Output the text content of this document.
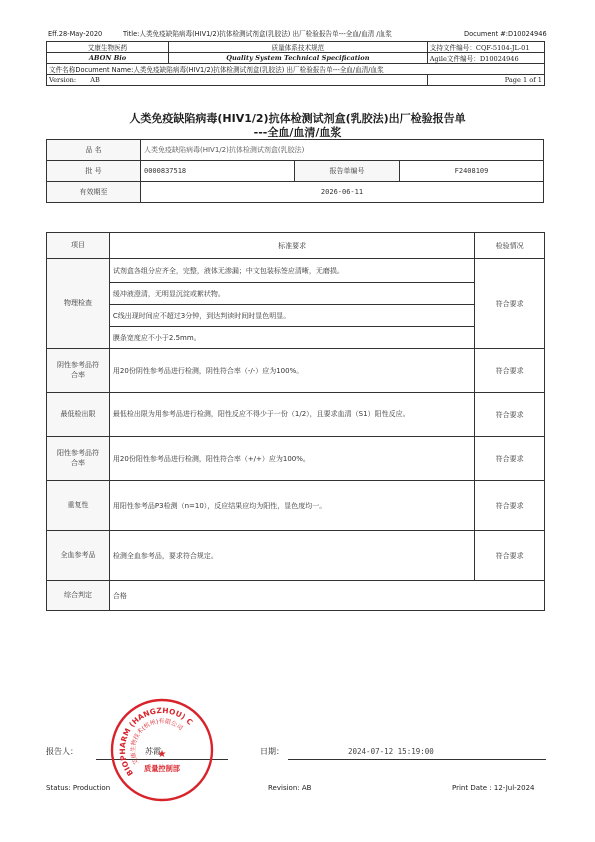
Eff.28-May-2020	Title:人类免疫缺陷病毒(HIV1/2)抗体检测试剂盒(乳胶法) 出厂检验报告单---全血/血清 /血浆	Document #:D10024946
艾康生物医药	质量体系技术规范	支持文件编号：CQF-5104-JL-01
ABON Bio	Quality System Technical Specification	Agile文件编号：D10024946
文件名称Document Name:人类免疫缺陷病毒(HIV1/2)抗体检测试剂盒(乳胶法) 出厂检验报告单---全血/血清/血浆		
Version: AB		Page 1 of 1
人类免疫缺陷病毒(HIV1/2)抗体检测试剂盒(乳胶法)出厂检验报告单
---全血/血清/血浆
品 名	人类免疫缺陷病毒(HIV1/2)抗体检测试剂盒(乳胶法)		
批 号	0000837518	报告单编号	F2408109
有效期至	2026-06-11		
项目	标准要求	检验情况
物理检查	试剂盒各组分应齐全，完整，液体无渗漏；中文包装标签应清晰，无磨损。	符合要求
	缓冲液澄清，无明显沉淀或絮状物。	
	C线出现时间应不超过3分钟，到达判读时间时显色明显。	
	膜条宽度应不小于2.5mm。	

阴性参考品符合率	用20份阴性参考品进行检测，阴性符合率（-/-）应为100%。	符合要求
最低检出限	最低检出限为用参考品进行检测，阳性反应不得少于一份（1/2），且要求血清（S1）阳性反应。	符合要求

阳性参考品符合率	用20份阳性参考品进行检测，阳性符合率（+/+）应为100%。	符合要求
重复性	用阳性参考品P3检测（n=10），反应结果应均为阳性，显色度均一。	符合要求
全血参考品	检测全血参考品，要求符合规定。	符合要求
综合判定	合格	
报告人：	苏霞	日期：	2024-07-12 15:19:00
BIOPHARM (HANGZHOU) CO.,LTD.
艾康生物技术(杭州)有限公司
★
质量控制部
Status: Production	Revision: AB	Print Date : 12-Jul-2024
